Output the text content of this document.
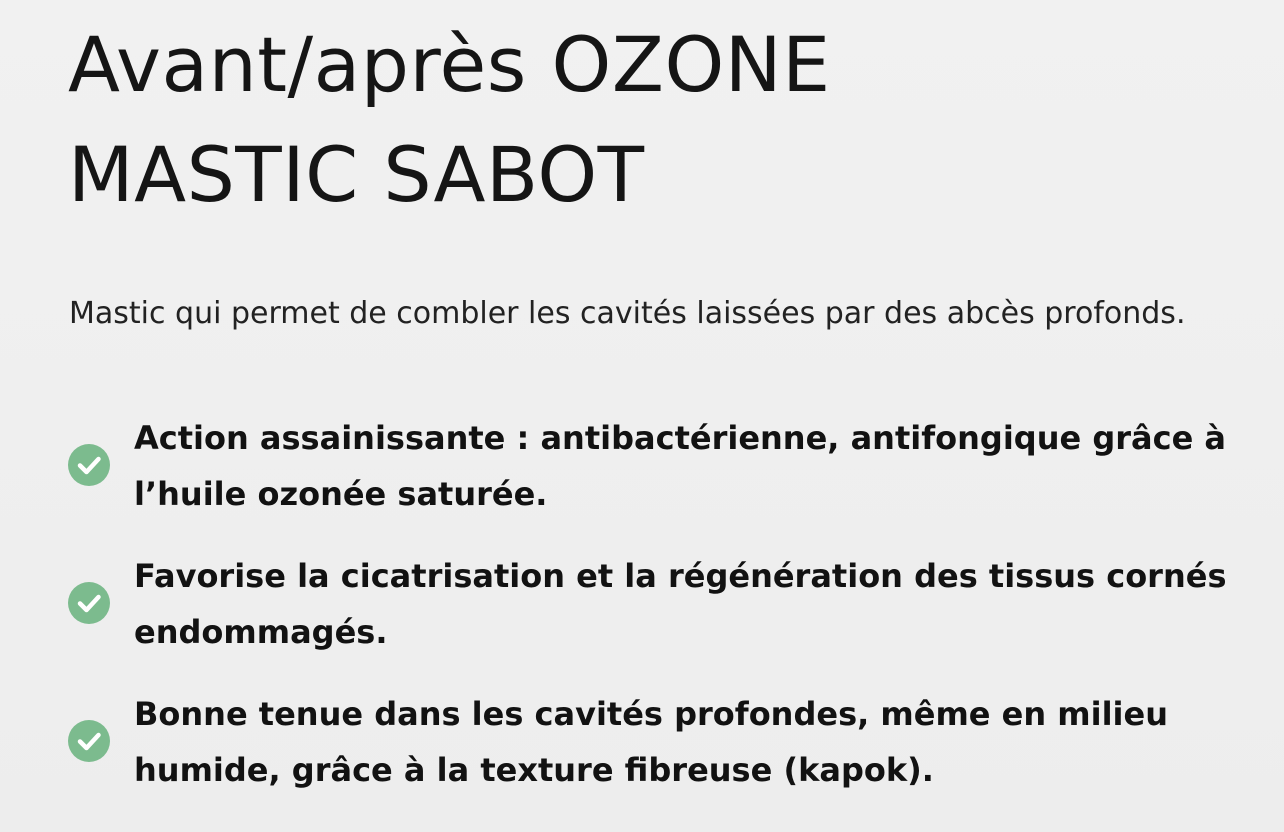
Avant/après OZONE
MASTIC SABOT

Mastic qui permet de combler les cavités laissées par des abcès profonds.

Action assainissante : antibactérienne, antifongique grâce à
l’huile ozonée saturée.
Favorise la cicatrisation et la régénération des tissus cornés
endommagés.
Bonne tenue dans les cavités profondes, même en milieu
humide, grâce à la texture fibreuse (kapok).
